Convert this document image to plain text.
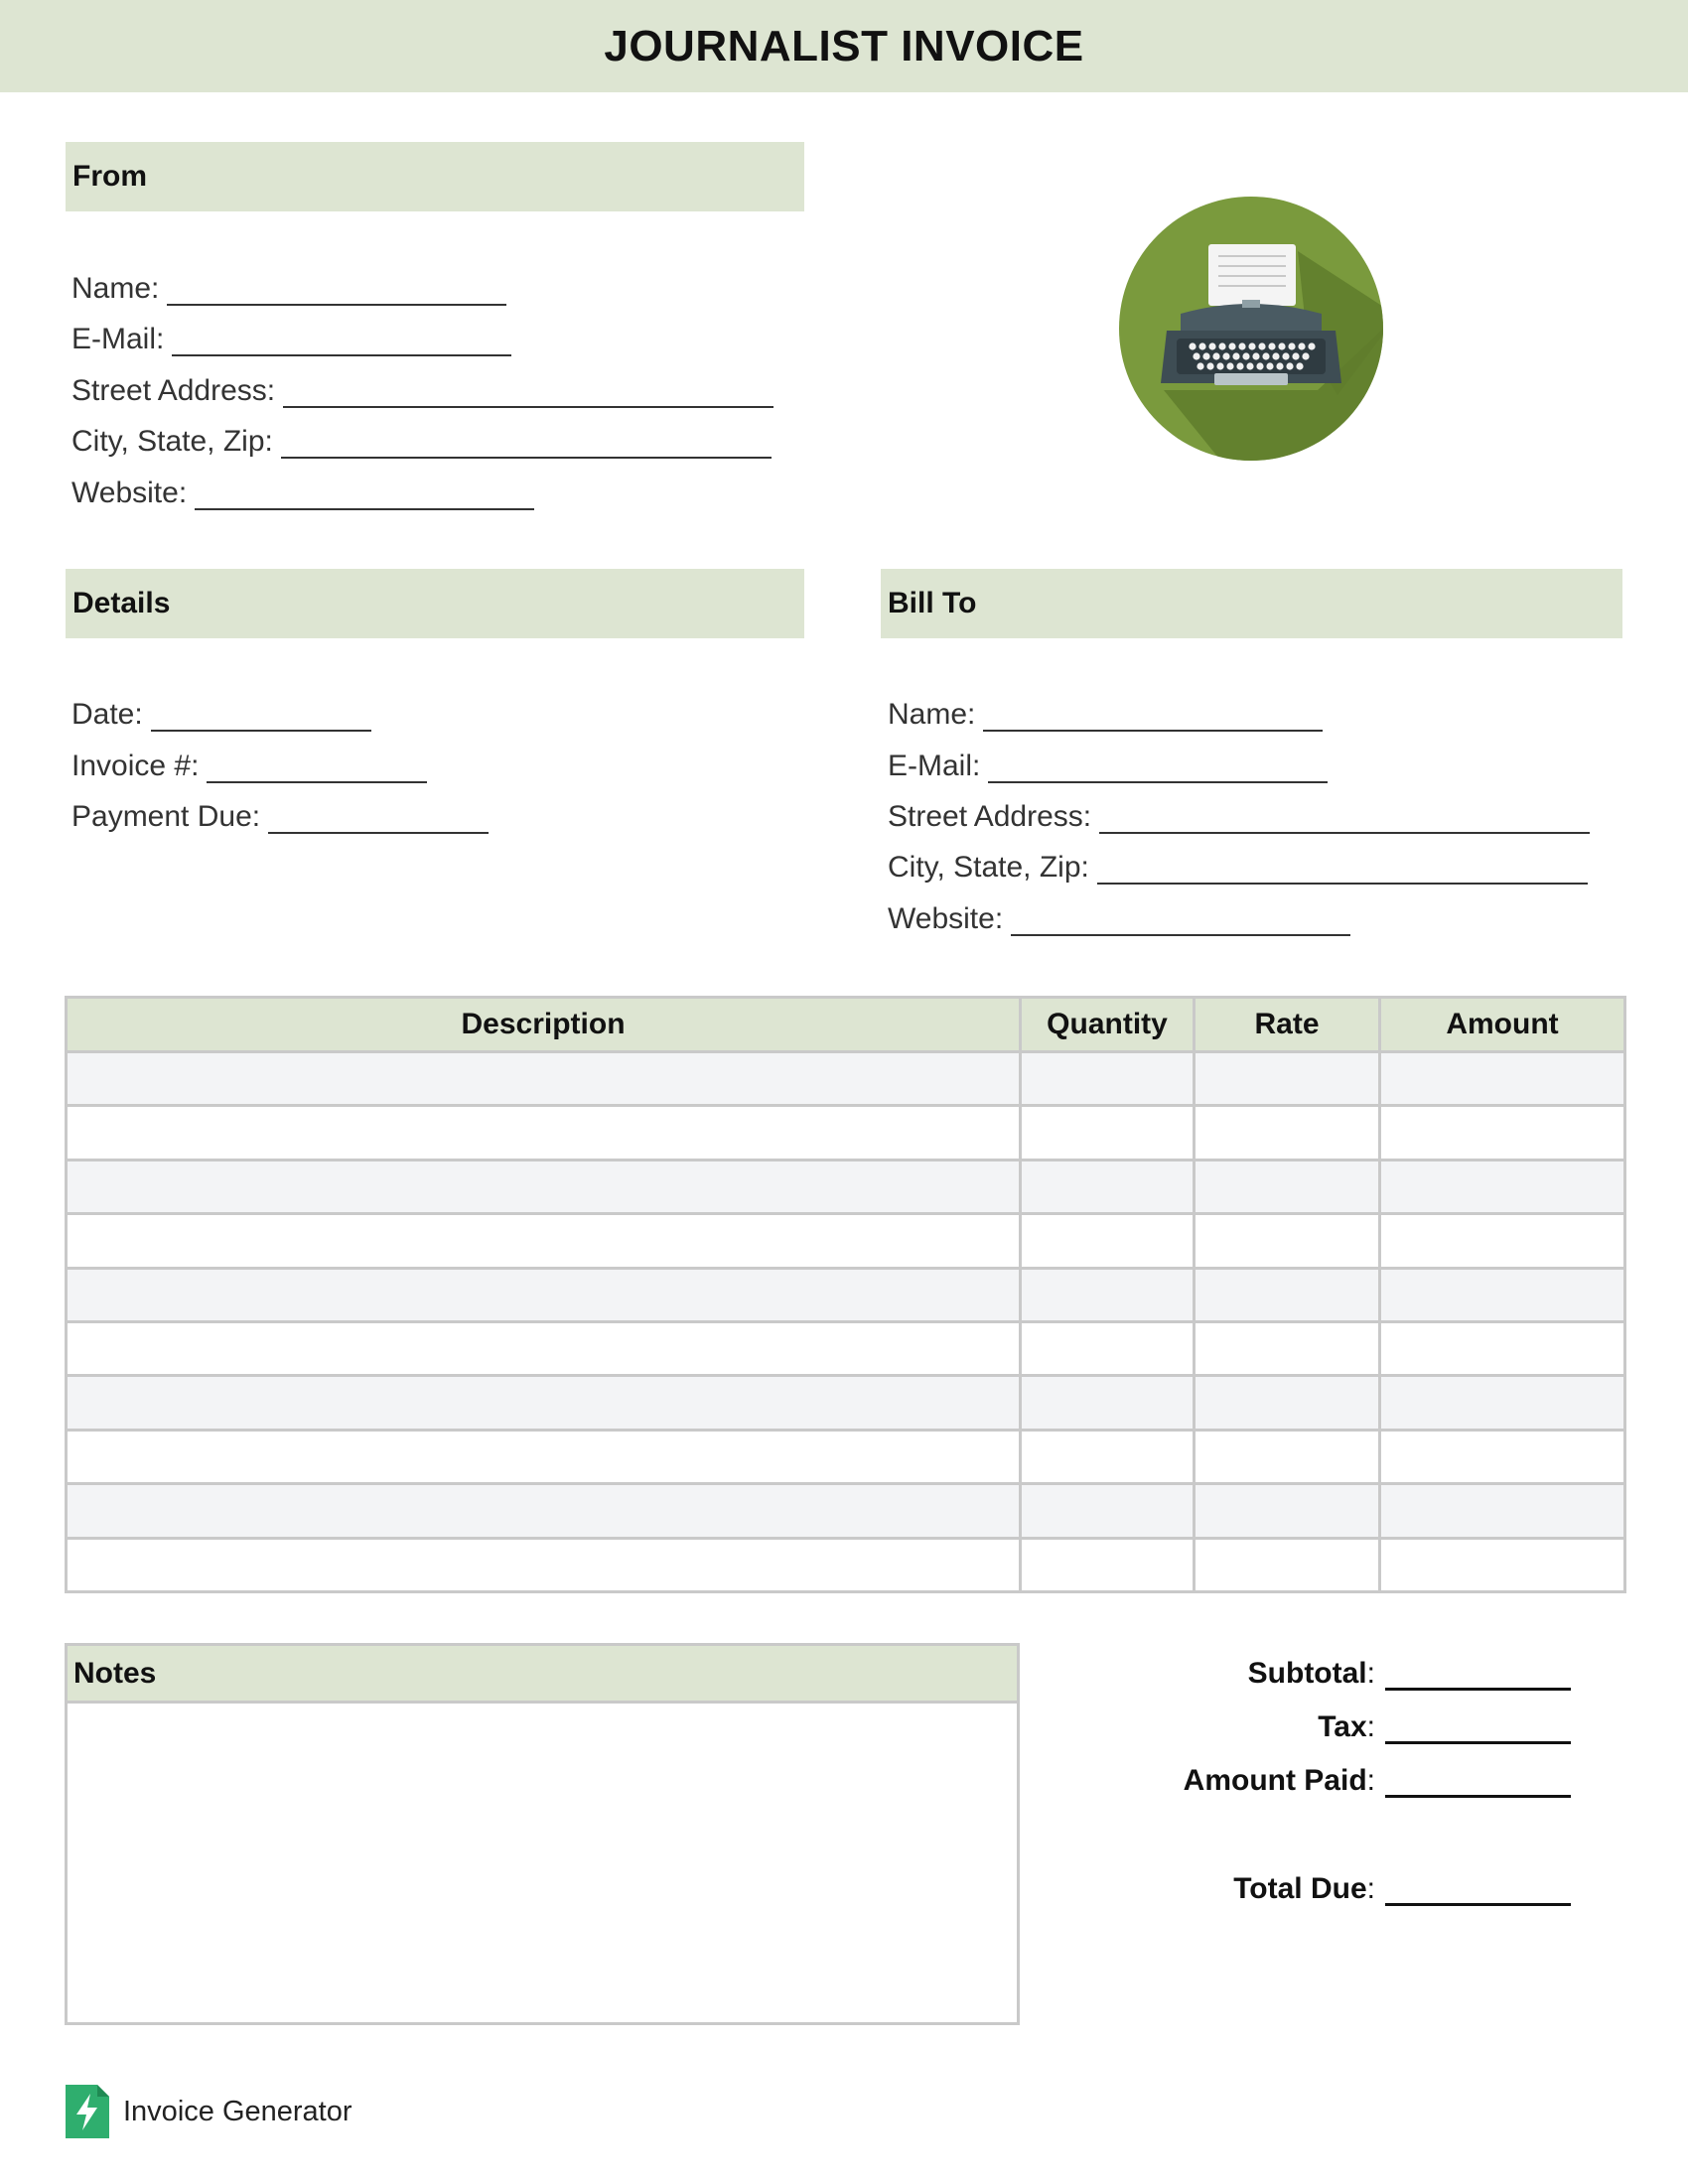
JOURNALIST INVOICE
From
Name:
E-Mail:
Street Address:
City, State, Zip:
Website:
Details
Date:
Invoice #:
Payment Due:
Bill To
Name:
E-Mail:
Street Address:
City, State, Zip:
Website:
Description	Quantity	Rate	Amount

Notes	Subtotal :
Tax :
Amount Paid :
Total Due :
Invoice Generator
